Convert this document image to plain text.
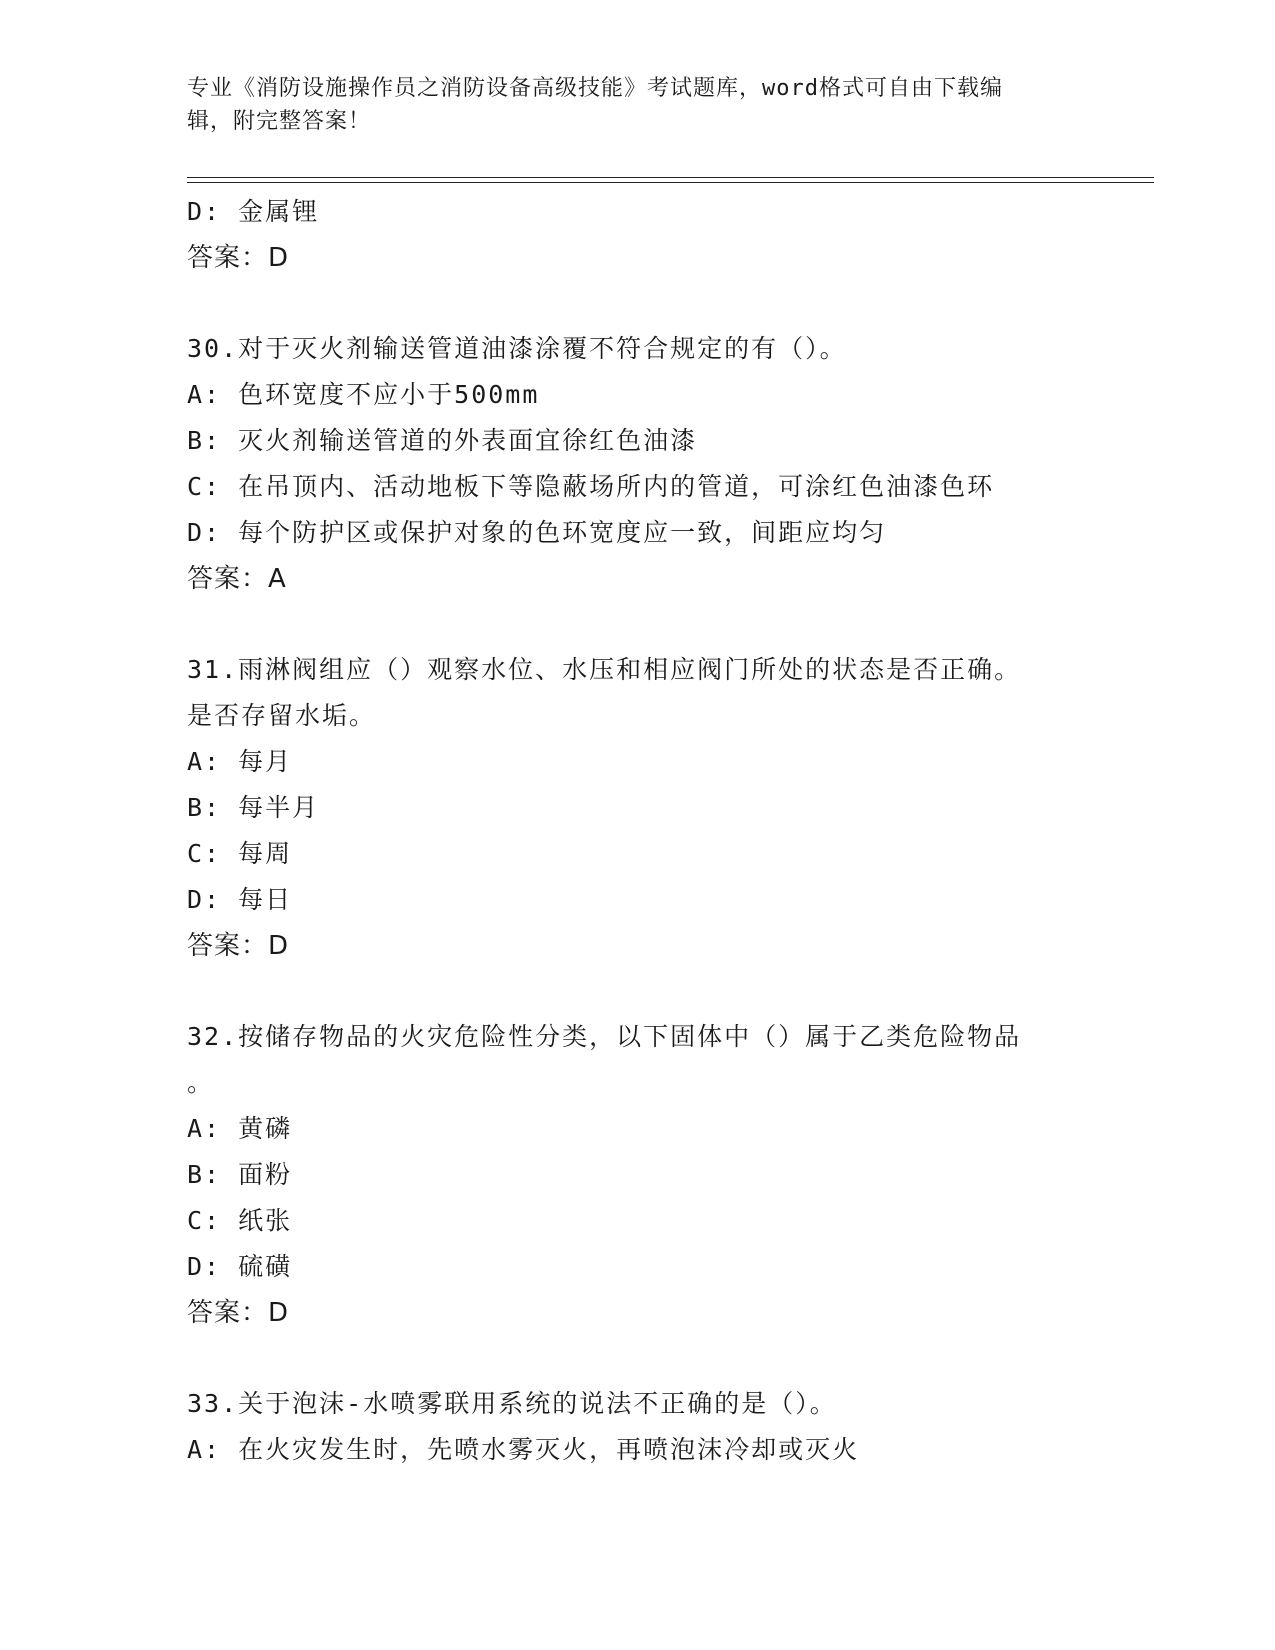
专业《消防设施操作员之消防设备高级技能》考试题库，word格式可自由下载编
辑，附完整答案！
D: 金属锂
答案：D
30.对于灭火剂输送管道油漆涂覆不符合规定的有（）。
A: 色环宽度不应小于500mm
B: 灭火剂输送管道的外表面宜徐红色油漆
C: 在吊顶内、活动地板下等隐蔽场所内的管道，可涂红色油漆色环
D: 每个防护区或保护对象的色环宽度应一致，间距应均匀
答案：A
31.雨淋阀组应（）观察水位、水压和相应阀门所处的状态是否正确。
是否存留水垢。
A: 每月
B: 每半月
C: 每周
D: 每日
答案：D
32.按储存物品的火灾危险性分类，以下固体中（）属于乙类危险物品
。
A: 黄磷
B: 面粉
C: 纸张
D: 硫磺
答案：D
33.关于泡沫-水喷雾联用系统的说法不正确的是（）。
A: 在火灾发生时，先喷水雾灭火，再喷泡沫冷却或灭火
